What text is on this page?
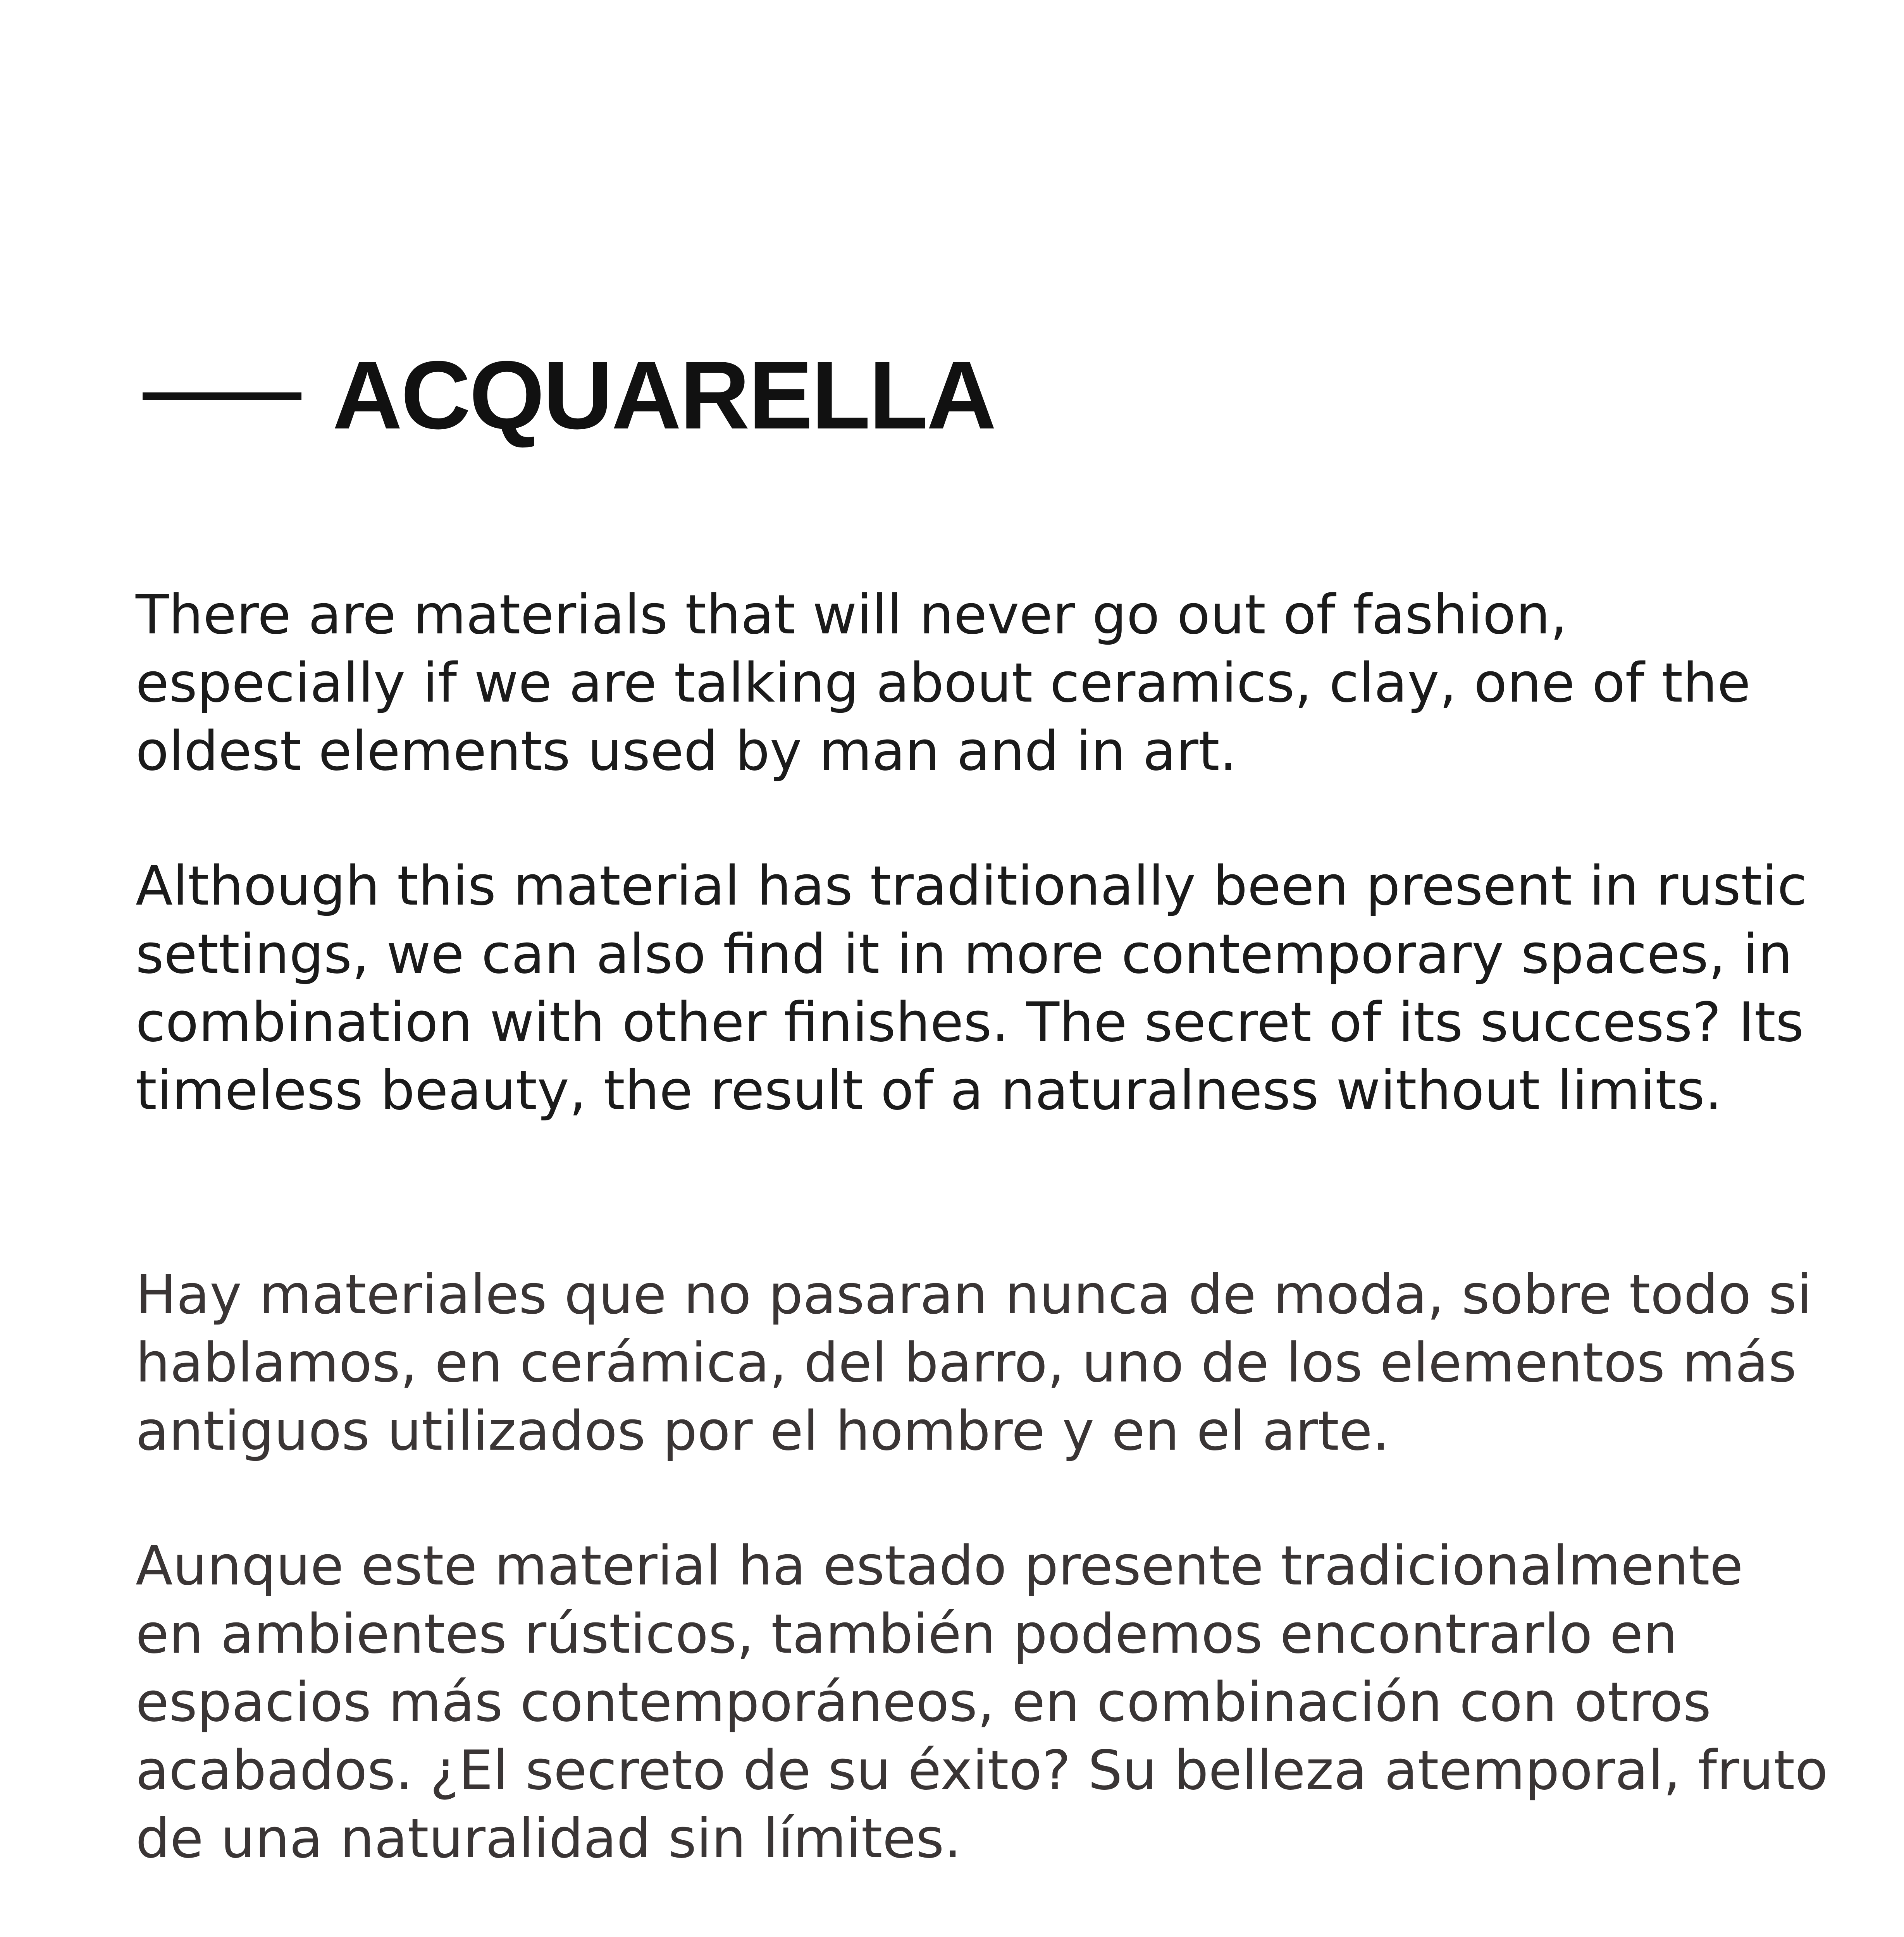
ACQUARELLA
There are materials that will never go out of fashion,
especially if we are talking about ceramics, clay, one of the
oldest elements used by man and in art.
Although this material has traditionally been present in rustic
settings, we can also find it in more contemporary spaces, in
combination with other finishes. The secret of its success? Its
timeless beauty, the result of a naturalness without limits.
Hay materiales que no pasaran nunca de moda, sobre todo si
hablamos, en cerámica, del barro, uno de los elementos más
antiguos utilizados por el hombre y en el arte.
Aunque este material ha estado presente tradicionalmente
en ambientes rústicos, también podemos encontrarlo en
espacios más contemporáneos, en combinación con otros
acabados. ¿El secreto de su éxito? Su belleza atemporal, fruto
de una naturalidad sin límites.
